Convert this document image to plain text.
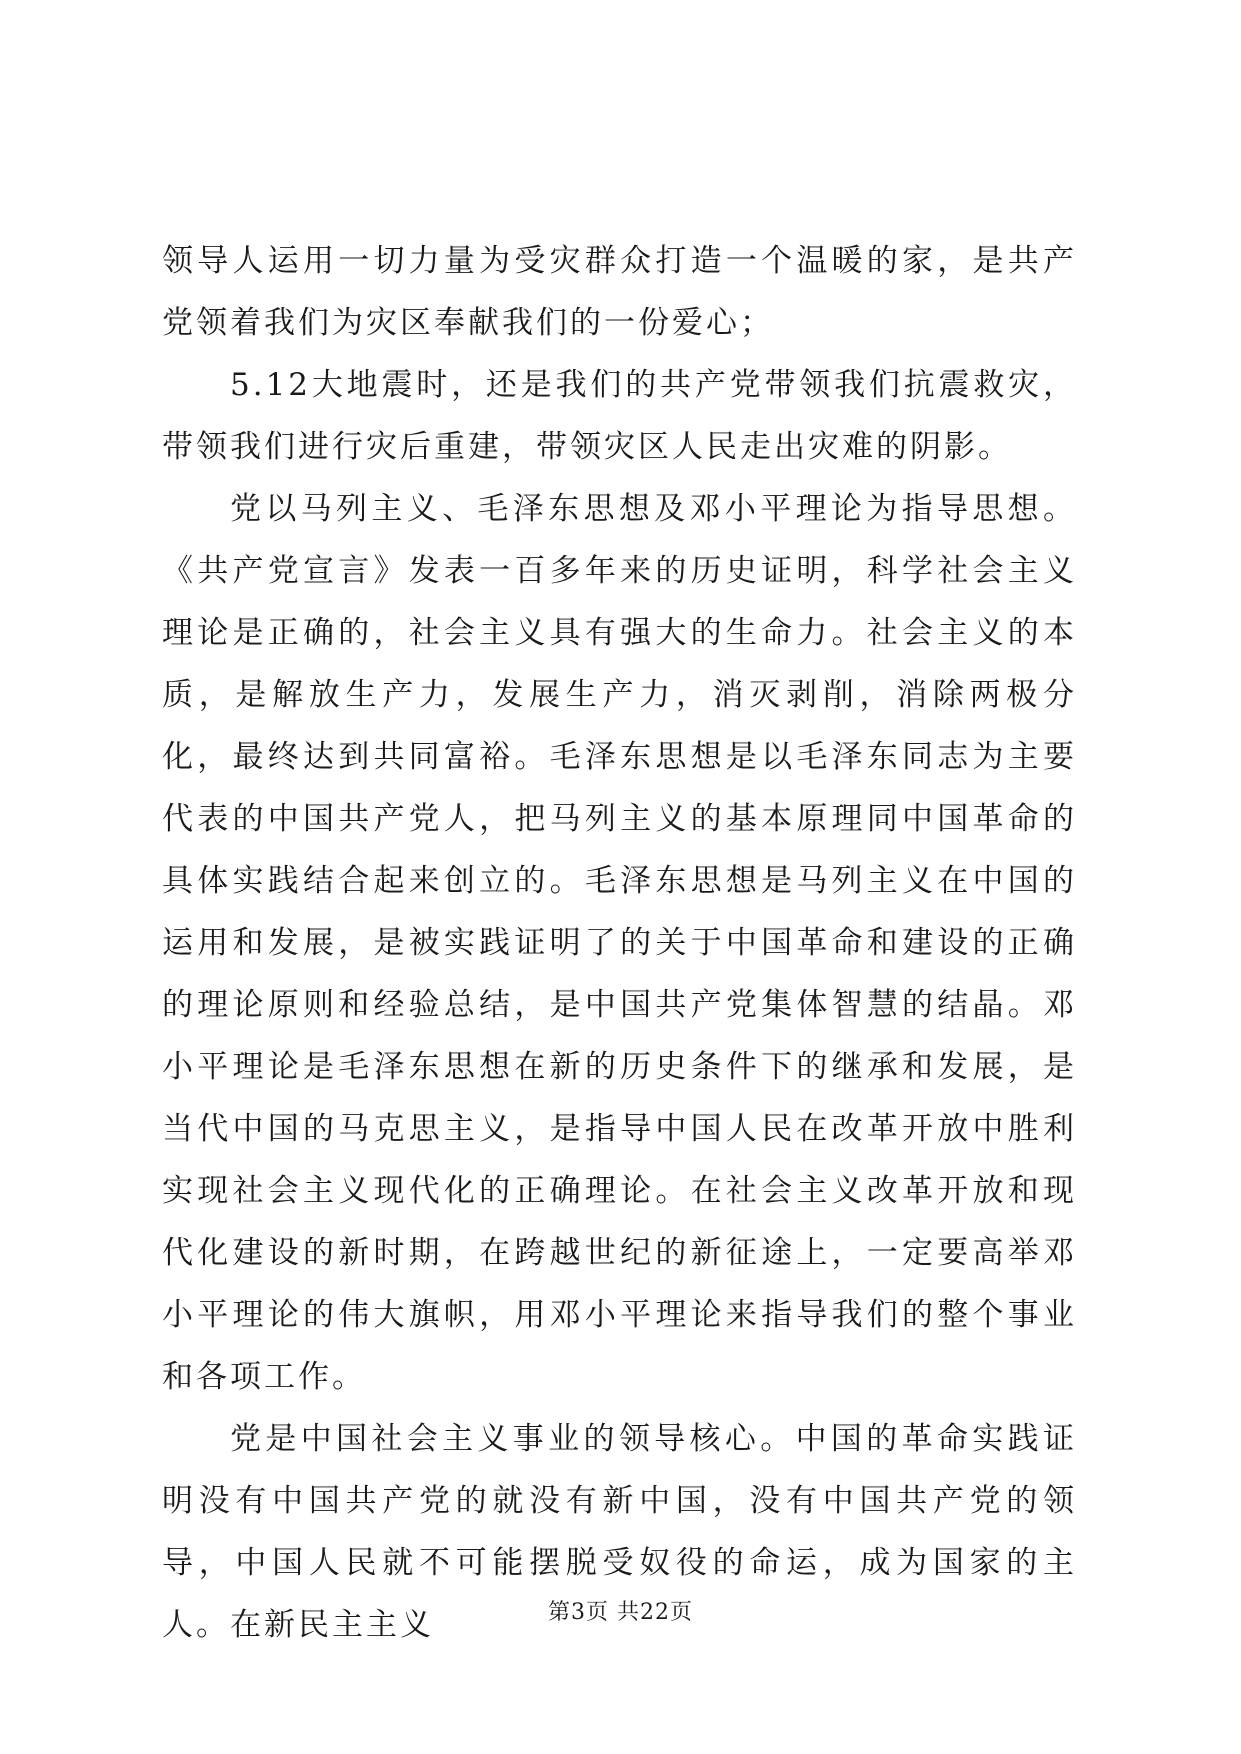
领导人运用一切力量为受灾群众打造一个温暖的家，是共产党领着我们为灾区奉献我们的一份爱心；

5.12大地震时，还是我们的共产党带领我们抗震救灾，带领我们进行灾后重建，带领灾区人民走出灾难的阴影。

党以马列主义、毛泽东思想及邓小平理论为指导思想。《共产党宣言》发表一百多年来的历史证明，科学社会主义理论是正确的，社会主义具有强大的生命力。社会主义的本质，是解放生产力，发展生产力，消灭剥削，消除两极分化，最终达到共同富裕。毛泽东思想是以毛泽东同志为主要代表的中国共产党人，把马列主义的基本原理同中国革命的具体实践结合起来创立的。毛泽东思想是马列主义在中国的运用和发展，是被实践证明了的关于中国革命和建设的正确的理论原则和经验总结，是中国共产党集体智慧的结晶。邓小平理论是毛泽东思想在新的历史条件下的继承和发展，是当代中国的马克思主义，是指导中国人民在改革开放中胜利实现社会主义现代化的正确理论。在社会主义改革开放和现代化建设的新时期，在跨越世纪的新征途上，一定要高举邓小平理论的伟大旗帜，用邓小平理论来指导我们的整个事业和各项工作。

党是中国社会主义事业的领导核心。中国的革命实践证明没有中国共产党的就没有新中国，没有中国共产党的领导，中国人民就不可能摆脱受奴役的命运，成为国家的主人。在新民主主义	第3页 共22页
